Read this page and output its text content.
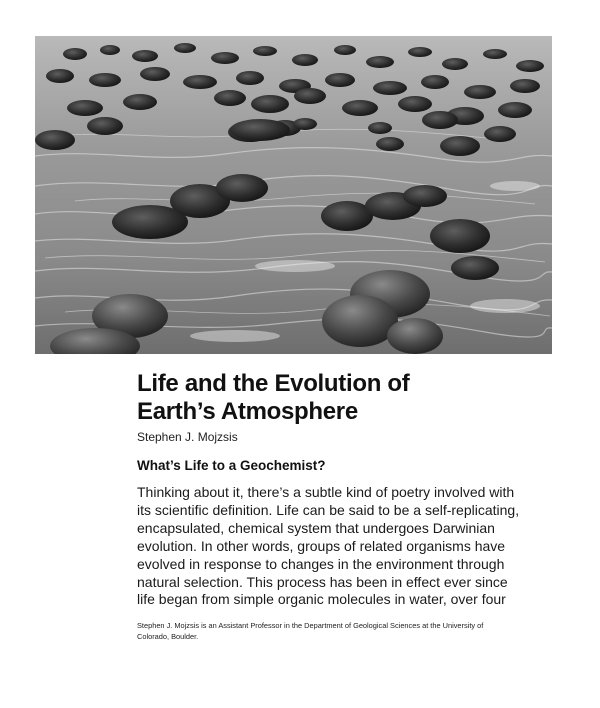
Life and the Evolution of
Earth’s Atmosphere
Stephen J. Mojzsis
What’s Life to a Geochemist?
Thinking about it, there’s a subtle kind of poetry involved with
its scientific definition. Life can be said to be a self-replicating,
encapsulated, chemical system that undergoes Darwinian
evolution. In other words, groups of related organisms have
evolved in response to changes in the environment through
natural selection. This process has been in effect ever since
life began from simple organic molecules in water, over four
Stephen J. Mojzsis is an Assistant Professor in the Department of Geological Sciences at the University of
Colorado, Boulder.
